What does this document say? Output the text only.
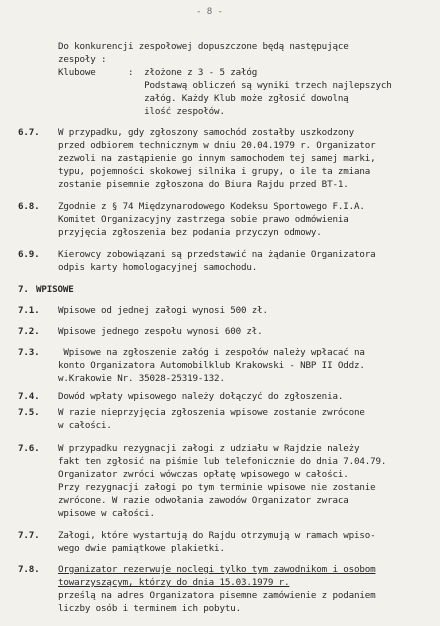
- 8 -
Do konkurencji zespołowej dopuszczone będą następujące
zespoły :
Klubowe      :  złożone z 3 - 5 załóg
Podstawą obliczeń są wyniki trzech najlepszych
załóg. Każdy Klub może zgłosić dowolną
ilość zespołów.
6.7. W przypadku, gdy zgłoszony samochód zostałby uszkodzony
przed odbiorem technicznym w dniu 20.04.1979 r. Organizator
zezwoli na zastąpienie go innym samochodem tej samej marki,
typu, pojemności skokowej silnika i grupy, o ile ta zmiana
zostanie pisemnie zgłoszona do Biura Rajdu przed BT-1.
6.8. Zgodnie z § 74 Międzynarodowego Kodeksu Sportowego F.I.A.
Komitet Organizacyjny zastrzega sobie prawo odmówienia
przyjęcia zgłoszenia bez podania przyczyn odmowy.
6.9. Kierowcy zobowiązani są przedstawić na żądanie Organizatora
odpis karty homologacyjnej samochodu.
7. WPISOWE
7.1. Wpisowe od jednej załogi wynosi 500 zł.
7.2. Wpisowe jednego zespołu wynosi 600 zł.
7.3. Wpisowe na zgłoszenie załóg i zespołów należy wpłacać na
konto Organizatora Automobilklub Krakowski - NBP II Oddz.
w.Krakowie Nr. 35028-25319-132.
7.4. Dowód wpłaty wpisowego należy dołączyć do zgłoszenia.
7.5. W razie nieprzyjęcia zgłoszenia wpisowe zostanie zwrócone
w całości.
7.6. W przypadku rezygnacji załogi z udziału w Rajdzie należy
fakt ten zgłosić na piśmie lub telefonicznie do dnia 7.04.79.
Organizator zwróci wówczas opłatę wpisowego w całości.
Przy rezygnacji załogi po tym terminie wpisowe nie zostanie
zwrócone. W razie odwołania zawodów Organizator zwraca
wpisowe w całości.
7.7. Załogi, które wystartują do Rajdu otrzymują w ramach wpiso-
wego dwie pamiątkowe plakietki.
7.8. Organizator rezerwuje noclegi tylko tym zawodnikom i osobom
towarzyszącym, którzy do dnia 15.03.1979 r.
prześlą na adres Organizatora pisemne zamówienie z podaniem
liczby osób i terminem ich pobytu.
